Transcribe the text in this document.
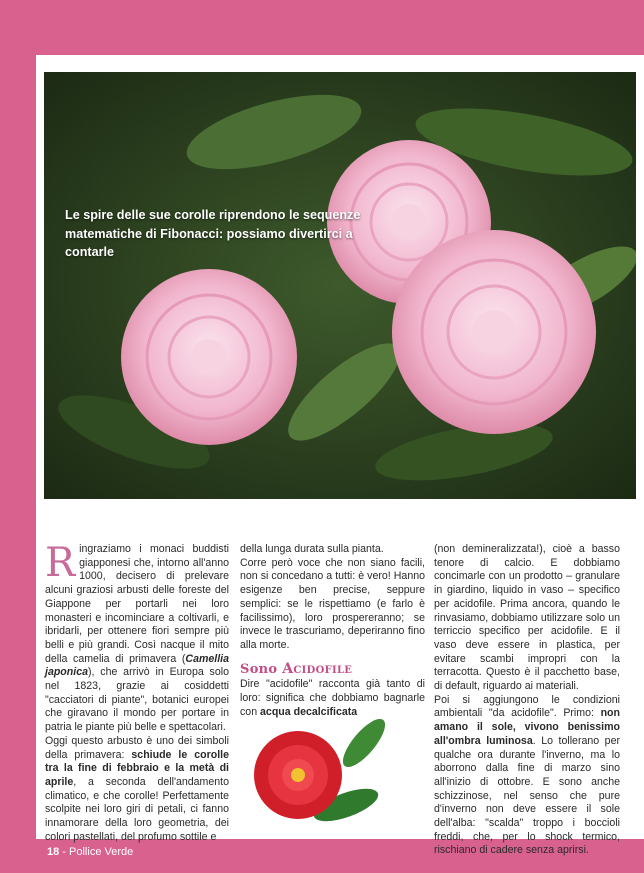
Le spire delle sue corolle riprendono le sequenze matematiche di Fibonacci: possiamo divertirci a contarle

Ringraziamo i monaci buddisti giapponesi che, intorno all'anno 1000, decisero di prelevare alcuni graziosi arbusti delle foreste del Giappone per portarli nei loro monasteri e incominciare a coltivarli, e ibridarli, per ottenere fiori sempre più belli e più grandi. Così nacque il mito della camelia di primavera (Camellia japonica), che arrivò in Europa solo nel 1823, grazie ai cosiddetti "cacciatori di piante", botanici europei che giravano il mondo per portare in patria le piante più belle e spettacolari.

Oggi questo arbusto è uno dei simboli della primavera: schiude le corolle tra la fine di febbraio e la metà di aprile, a seconda dell'andamento climatico, e che corolle! Perfettamente scolpite nei loro giri di petali, ci fanno innamorare della loro geometria, dei colori pastellati, del profumo sottile e

della lunga durata sulla pianta.

Corre però voce che non siano facili, non si concedano a tutti: è vero! Hanno esigenze ben precise, seppure semplici: se le rispettiamo (e farlo è facilissimo), loro prospereranno; se invece le trascuriamo, deperiranno fino alla morte.

Sono Acidofile

Dire "acidofile" racconta già tanto di loro: significa che dobbiamo bagnarle con acqua decalcificata

(non demineralizzata!), cioè a basso tenore di calcio. E dobbiamo concimarle con un prodotto – granulare in giardino, liquido in vaso – specifico per acidofile. Prima ancora, quando le rinvasiamo, dobbiamo utilizzare solo un terriccio specifico per acidofile. E il vaso deve essere in plastica, per evitare scambi impropri con la terracotta. Questo è il pacchetto base, di default, riguardo ai materiali.

Poi si aggiungono le condizioni ambientali "da acidofile". Primo: non amano il sole, vivono benissimo all'ombra luminosa. Lo tollerano per qualche ora durante l'inverno, ma lo aborrono dalla fine di marzo sino all'inizio di ottobre. E sono anche schizzinose, nel senso che pure d'inverno non deve essere il sole dell'alba: "scalda" troppo i boccioli freddi, che, per lo shock termico, rischiano di cadere senza aprirsi.

18 - Pollice Verde
